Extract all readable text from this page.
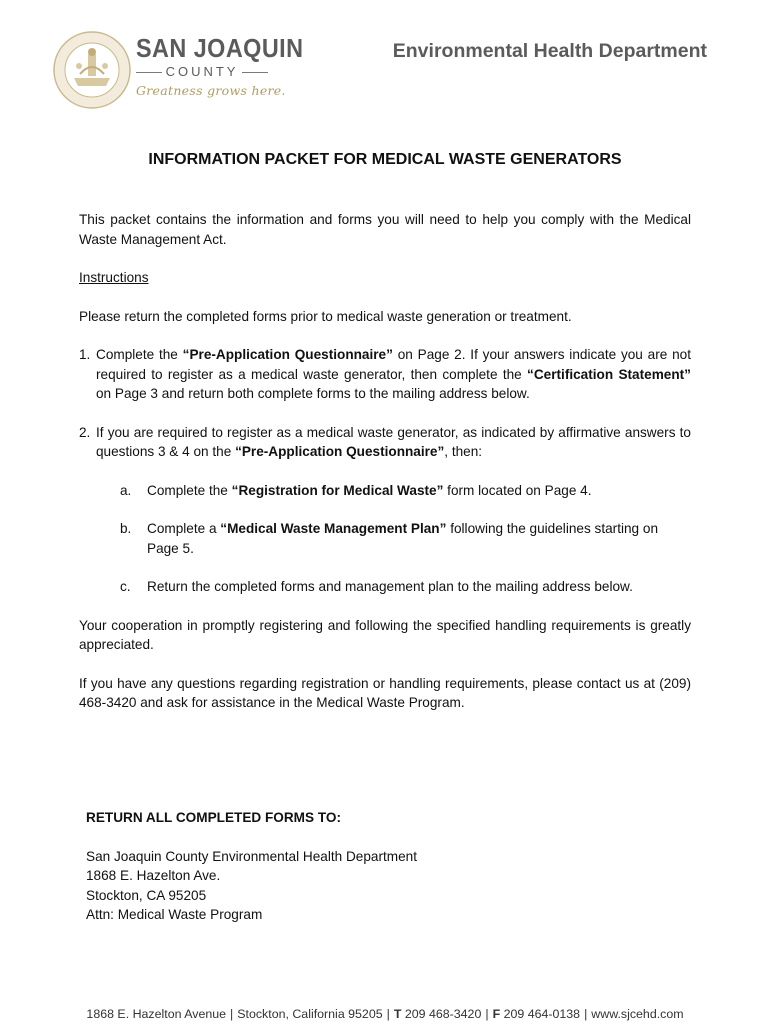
SAN JOAQUIN
COUNTY
Greatness grows here.
Environmental Health Department
INFORMATION PACKET FOR MEDICAL WASTE GENERATORS

This packet contains the information and forms you will need to help you comply with the Medical Waste Management Act.

Instructions

Please return the completed forms prior to medical waste generation or treatment.

1. Complete the “Pre-Application Questionnaire” on Page 2. If your answers indicate you are not required to register as a medical waste generator, then complete the “Certification Statement” on Page 3 and return both complete forms to the mailing address below.
2. If you are required to register as a medical waste generator, as indicated by affirmative answers to questions 3 & 4 on the “Pre-Application Questionnaire”, then:
a. Complete the “Registration for Medical Waste” form located on Page 4.
b. Complete a “Medical Waste Management Plan” following the guidelines starting on Page 5.
c. Return the completed forms and management plan to the mailing address below.

Your cooperation in promptly registering and following the specified handling requirements is greatly appreciated.

If you have any questions regarding registration or handling requirements, please contact us at (209) 468-3420 and ask for assistance in the Medical Waste Program.

RETURN ALL COMPLETED FORMS TO:
San Joaquin County Environmental Health Department
1868 E. Hazelton Ave.
Stockton, CA 95205
Attn: Medical Waste Program
1868 E. Hazelton Avenue | Stockton, California 95205 | T 209 468-3420 | F 209 464-0138 | www.sjcehd.com
